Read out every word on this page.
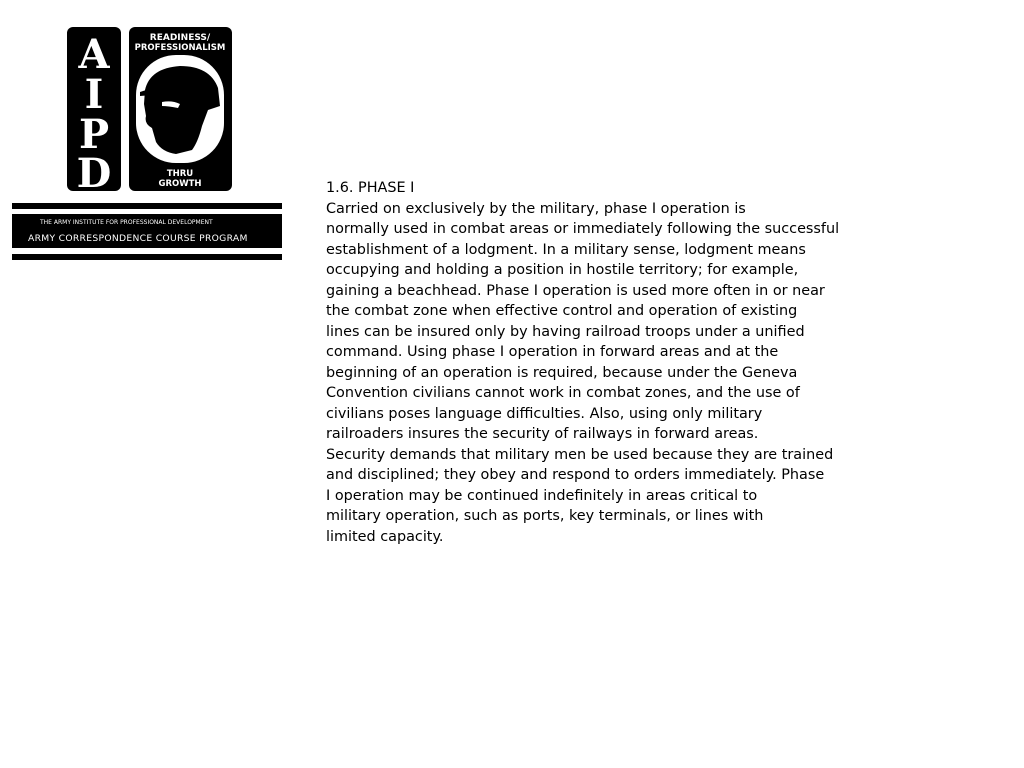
A
I
P
D
READINESS/
PROFESSIONALISM
THRU
GROWTH
THE ARMY INSTITUTE FOR PROFESSIONAL DEVELOPMENT
ARMY CORRESPONDENCE COURSE PROGRAM
1.6. PHASE I
Carried on exclusively by the military, phase I operation is
normally used in combat areas or immediately following the successful
establishment of a lodgment. In a military sense, lodgment means
occupying and holding a position in hostile territory; for example,
gaining a beachhead. Phase I operation is used more often in or near
the combat zone when effective control and operation of existing
lines can be insured only by having railroad troops under a unified
command. Using phase I operation in forward areas and at the
beginning of an operation is required, because under the Geneva
Convention civilians cannot work in combat zones, and the use of
civilians poses language difficulties. Also, using only military
railroaders insures the security of railways in forward areas.
Security demands that military men be used because they are trained
and disciplined; they obey and respond to orders immediately. Phase
I operation may be continued indefinitely in areas critical to
military operation, such as ports, key terminals, or lines with
limited capacity.
